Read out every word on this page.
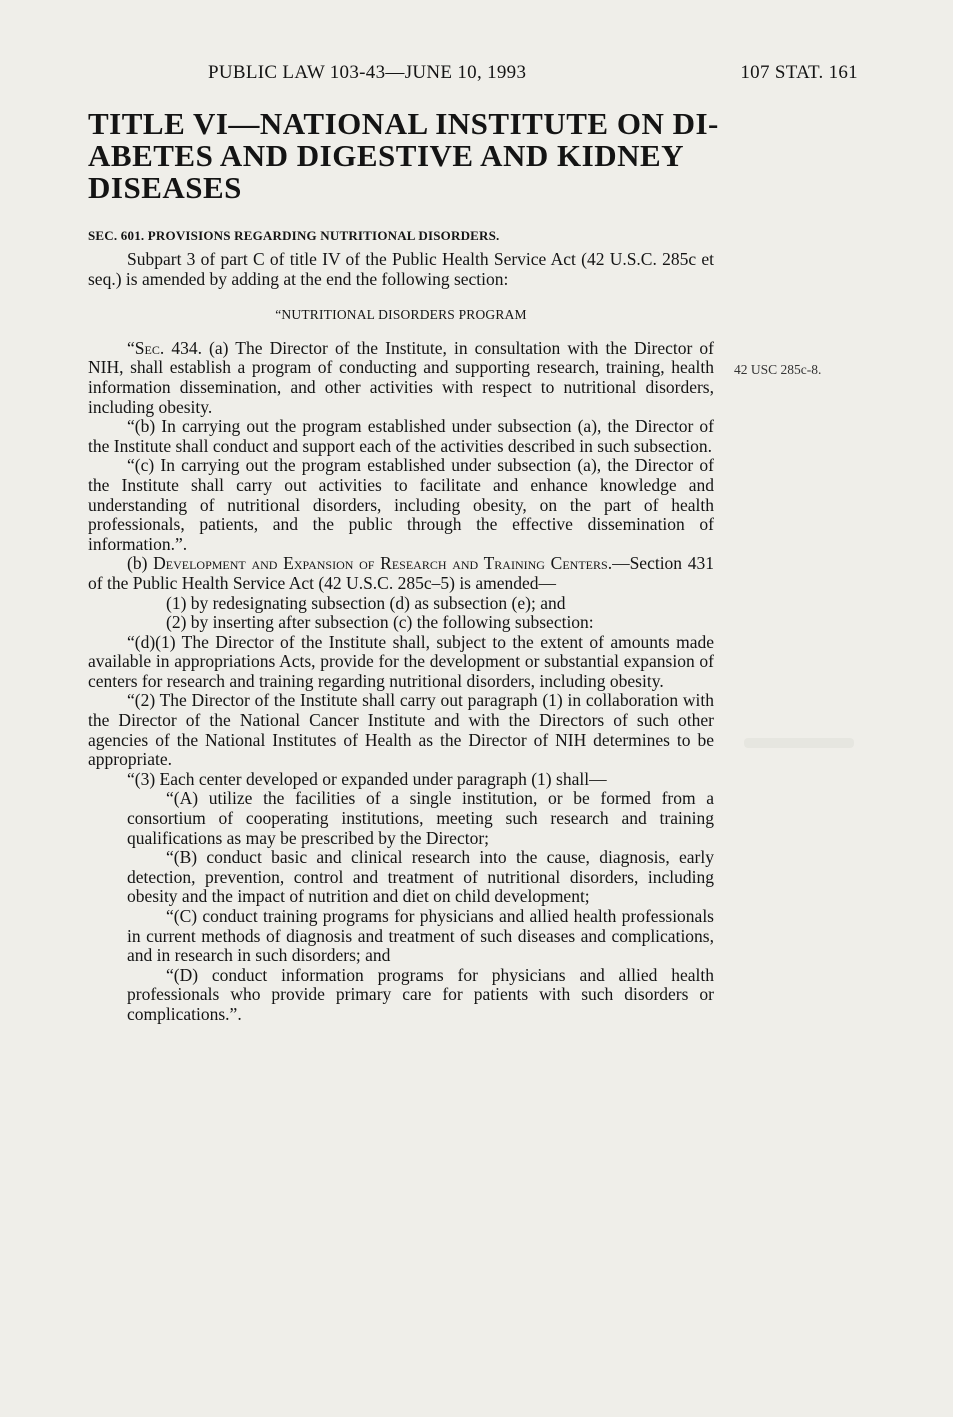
PUBLIC LAW 103-43—JUNE 10, 1993	107 STAT. 161
TITLE VI—NATIONAL INSTITUTE ON DI-
ABETES AND DIGESTIVE AND KIDNEY
DISEASES
SEC. 601. PROVISIONS REGARDING NUTRITIONAL DISORDERS.
42 USC 285c-8.

Subpart 3 of part C of title IV of the Public Health Service Act (42 U.S.C. 285c et seq.) is amended by adding at the end the following section:

“NUTRITIONAL DISORDERS PROGRAM

“Sec. 434. (a) The Director of the Institute, in consultation with the Director of NIH, shall establish a program of conducting and supporting research, training, health information dissemination, and other activities with respect to nutritional disorders, including obesity.

“(b) In carrying out the program established under subsection (a), the Director of the Institute shall conduct and support each of the activities described in such subsection.

“(c) In carrying out the program established under subsection (a), the Director of the Institute shall carry out activities to facilitate and enhance knowledge and understanding of nutritional disorders, including obesity, on the part of health professionals, patients, and the public through the effective dissemination of information.”.

(b) Development and Expansion of Research and Training Centers.—Section 431 of the Public Health Service Act (42 U.S.C. 285c–5) is amended—

(1) by redesignating subsection (d) as subsection (e); and

(2) by inserting after subsection (c) the following subsection:

“(d)(1) The Director of the Institute shall, subject to the extent of amounts made available in appropriations Acts, provide for the development or substantial expansion of centers for research and training regarding nutritional disorders, including obesity.

“(2) The Director of the Institute shall carry out paragraph (1) in collaboration with the Director of the National Cancer Institute and with the Directors of such other agencies of the National Institutes of Health as the Director of NIH determines to be appropriate.

“(3) Each center developed or expanded under paragraph (1) shall—

“(A) utilize the facilities of a single institution, or be formed from a consortium of cooperating institutions, meeting such research and training qualifications as may be prescribed by the Director;

“(B) conduct basic and clinical research into the cause, diagnosis, early detection, prevention, control and treatment of nutritional disorders, including obesity and the impact of nutrition and diet on child development;

“(C) conduct training programs for physicians and allied health professionals in current methods of diagnosis and treatment of such diseases and complications, and in research in such disorders; and

“(D) conduct information programs for physicians and allied health professionals who provide primary care for patients with such disorders or complications.”.
